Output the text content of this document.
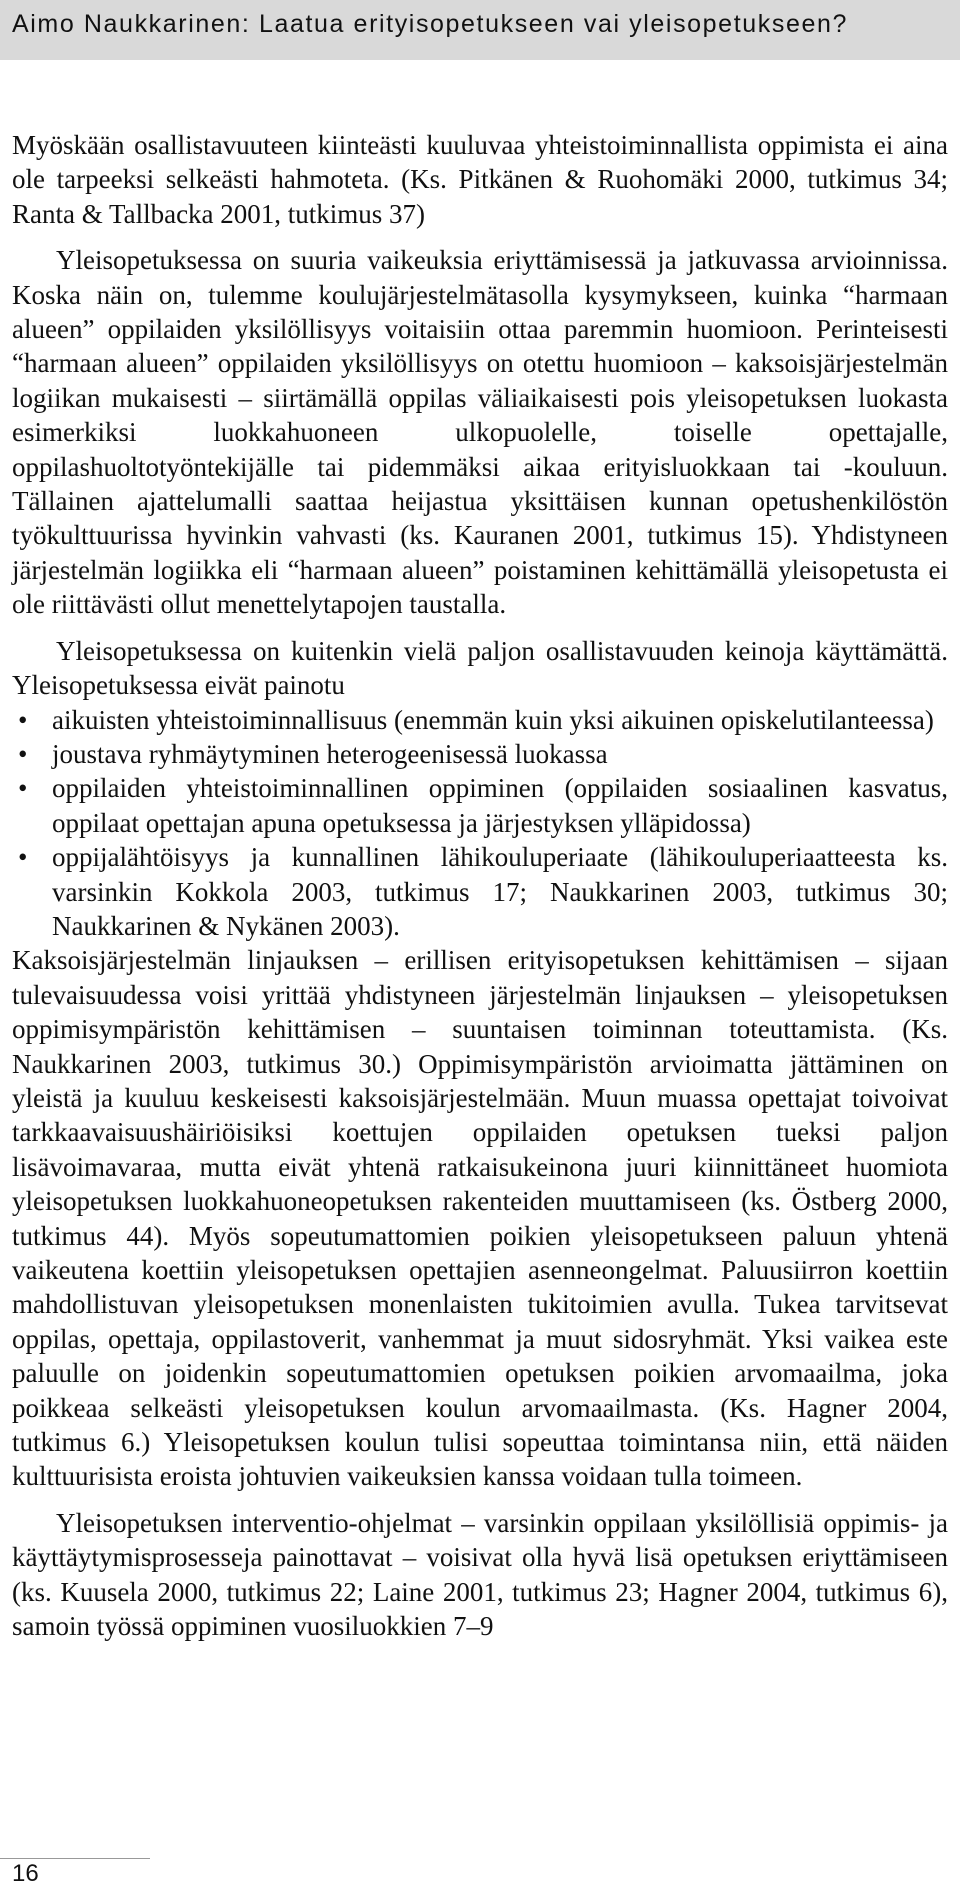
Aimo Naukkarinen: Laatua erityisopetukseen vai yleisopetukseen?

Myöskään osallistavuuteen kiinteästi kuuluvaa yhteistoiminnallista oppimista ei aina ole tarpeeksi selkeästi hahmoteta. (Ks. Pitkänen & Ruohomäki 2000, tutkimus 34; Ranta & Tallbacka 2001, tutkimus 37)

Yleisopetuksessa on suuria vaikeuksia eriyttämisessä ja jatkuvassa arvioinnissa. Koska näin on, tulemme koulujärjestelmätasolla kysymykseen, kuinka “harmaan alueen” oppilaiden yksilöllisyys voitaisiin ottaa paremmin huomioon. Perinteisesti “harmaan alueen” oppilaiden yksilöllisyys on otettu huomioon – kaksoisjärjestelmän logiikan mukaisesti – siirtämällä oppilas väliaikaisesti pois yleisopetuksen luokasta esimerkiksi luokkahuoneen ulkopuolelle, toiselle opettajalle, oppilashuoltotyöntekijälle tai pidemmäksi aikaa erityisluokkaan tai -kouluun. Tällainen ajattelumalli saattaa heijastua yksittäisen kunnan opetushenkilöstön työkulttuurissa hyvinkin vahvasti (ks. Kauranen 2001, tutkimus 15). Yhdistyneen järjestelmän logiikka eli “harmaan alueen” poistaminen kehittämällä yleisopetusta ei ole riittävästi ollut menettelytapojen taustalla.

Yleisopetuksessa on kuitenkin vielä paljon osallistavuuden keinoja käyttämättä. Yleisopetuksessa eivät painotu

• aikuisten yhteistoiminnallisuus (enemmän kuin yksi aikuinen opiskelutilanteessa)
• joustava ryhmäytyminen heterogeenisessä luokassa
• oppilaiden yhteistoiminnallinen oppiminen (oppilaiden sosiaalinen kasvatus, oppilaat opettajan apuna opetuksessa ja järjestyksen ylläpidossa)
• oppijalähtöisyys ja kunnallinen lähikouluperiaate (lähikouluperiaatteesta ks. varsinkin Kokkola 2003, tutkimus 17; Naukkarinen 2003, tutkimus 30; Naukkarinen & Nykänen 2003).

Kaksoisjärjestelmän linjauksen – erillisen erityisopetuksen kehittämisen – sijaan tulevaisuudessa voisi yrittää yhdistyneen järjestelmän linjauksen – yleisopetuksen oppimisympäristön kehittämisen – suuntaisen toiminnan toteuttamista. (Ks. Naukkarinen 2003, tutkimus 30.) Oppimisympäristön arvioimatta jättäminen on yleistä ja kuuluu keskeisesti kaksoisjärjestelmään. Muun muassa opettajat toivoivat tarkkaavaisuushäiriöisiksi koettujen oppilaiden opetuksen tueksi paljon lisävoimavaraa, mutta eivät yhtenä ratkaisukeinona juuri kiinnittäneet huomiota yleisopetuksen luokkahuoneopetuksen rakenteiden muuttamiseen (ks. Östberg 2000, tutkimus 44). Myös sopeutumattomien poikien yleisopetukseen paluun yhtenä vaikeutena koettiin yleisopetuksen opettajien asenneongelmat. Paluusiirron koettiin mahdollistuvan yleisopetuksen monenlaisten tukitoimien avulla. Tukea tarvitsevat oppilas, opettaja, oppilastoverit, vanhemmat ja muut sidosryhmät. Yksi vaikea este paluulle on joidenkin sopeutumattomien opetuksen poikien arvomaailma, joka poikkeaa selkeästi yleisopetuksen koulun arvomaailmasta. (Ks. Hagner 2004, tutkimus 6.) Yleisopetuksen koulun tulisi sopeuttaa toimintansa niin, että näiden kulttuurisista eroista johtuvien vaikeuksien kanssa voidaan tulla toimeen.

Yleisopetuksen interventio-ohjelmat – varsinkin oppilaan yksilöllisiä oppimis- ja käyttäytymisprosesseja painottavat – voisivat olla hyvä lisä opetuksen eriyttämiseen (ks. Kuusela 2000, tutkimus 22; Laine 2001, tutkimus 23; Hagner 2004, tutkimus 6), samoin työssä oppiminen vuosiluokkien 7–9

16
